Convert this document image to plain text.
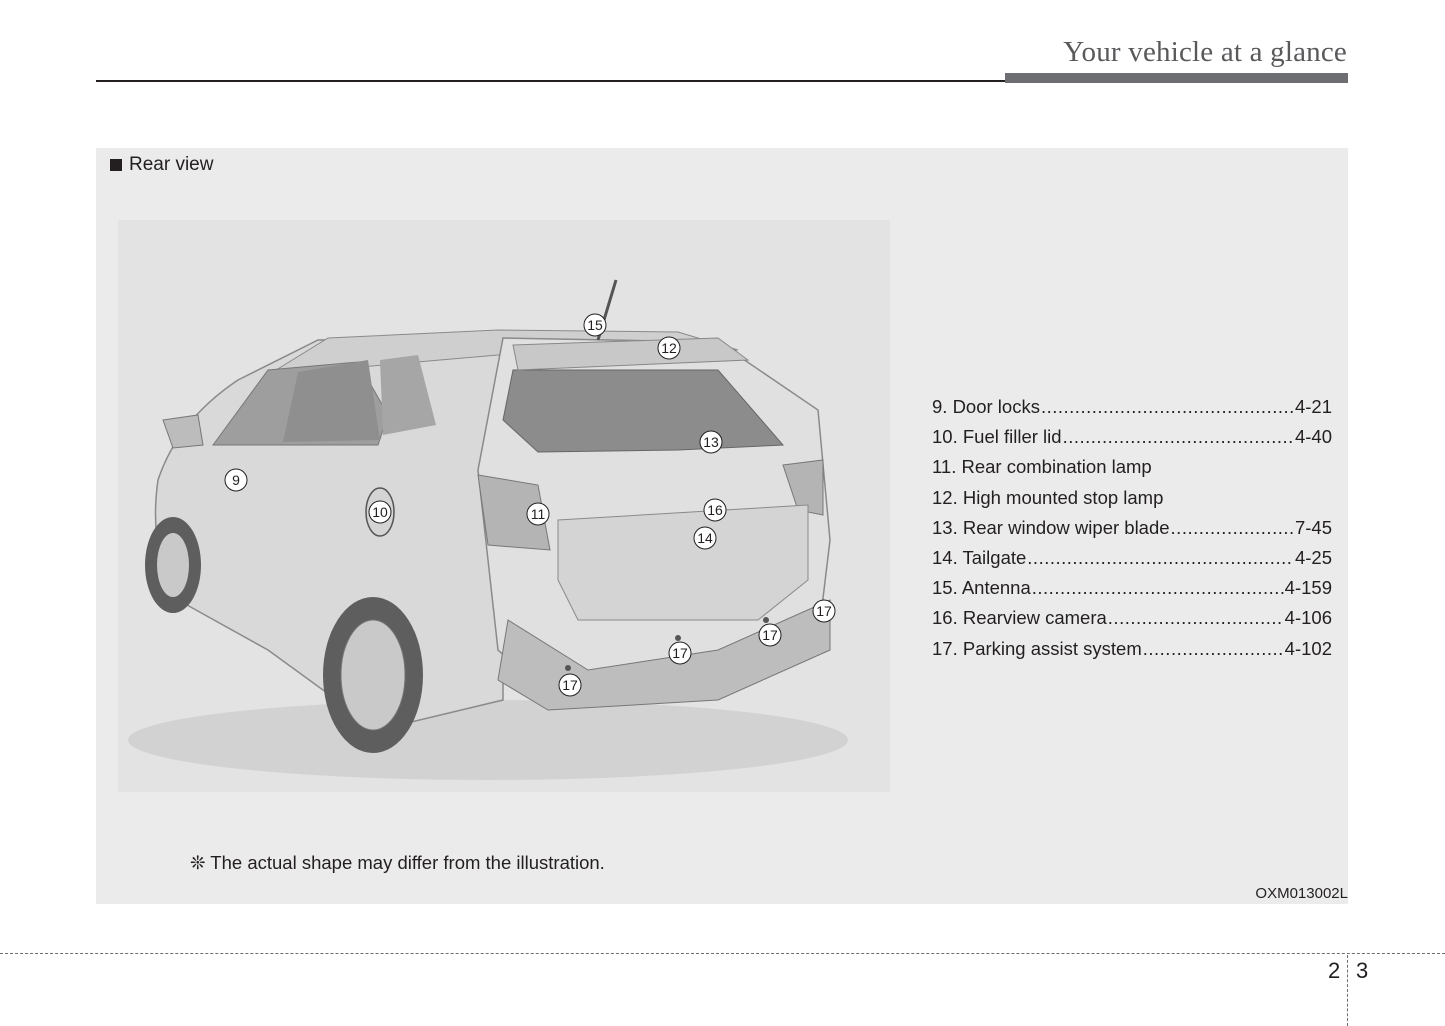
Your vehicle at a glance
Rear view
9
10	11
12
13
14
15
16
17
17
17
17
9. Door locks .....	4-21
10. Fuel filler lid .....	4-40
11. Rear combination lamp
12. High mounted stop lamp
13. Rear window wiper blade .....	7-45
14. Tailgate .....	4-25
15. Antenna .....	4-159
16. Rearview camera .....	4-106
17. Parking assist system .....	4-102
❊ The actual shape may differ from the illustration.
OXM013002L
2 3
